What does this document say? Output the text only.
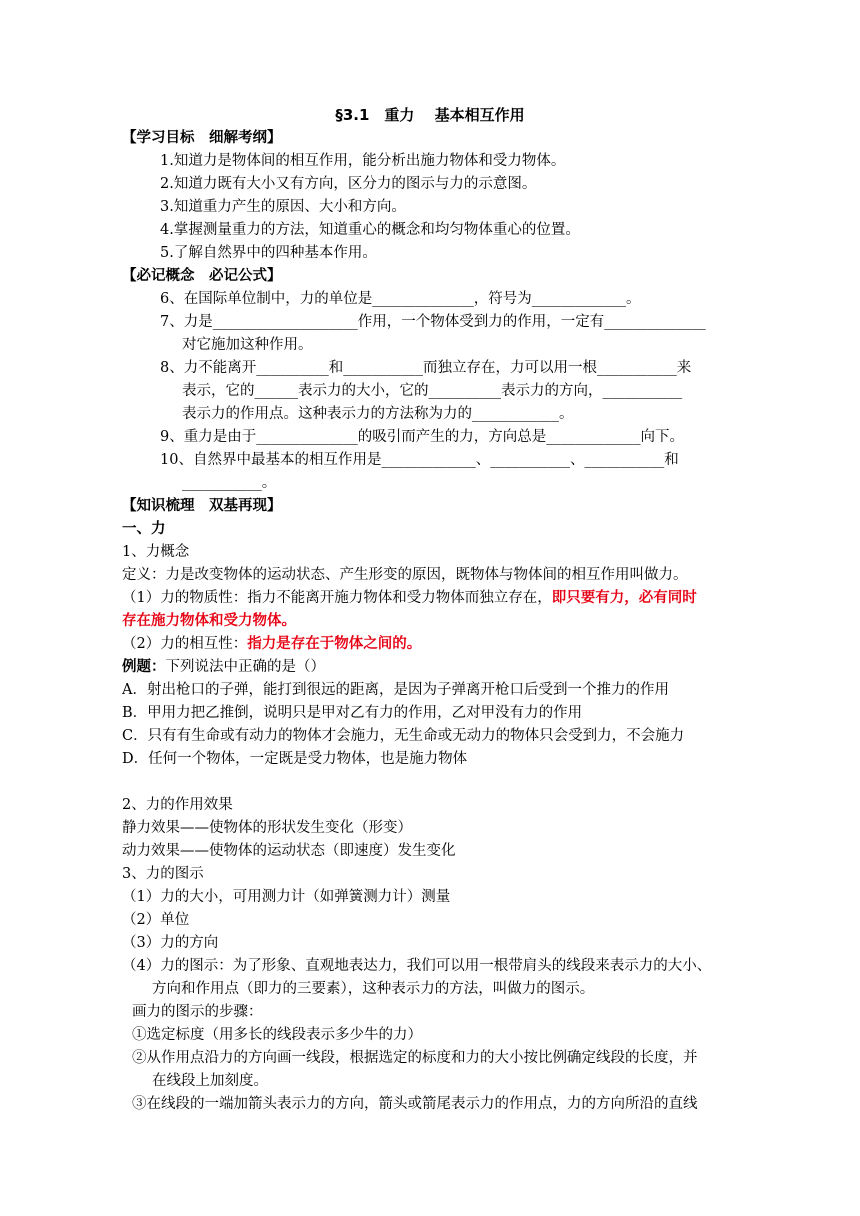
§3.1　重力　 基本相互作用
【学习目标　细解考纲】
1.知道力是物体间的相互作用，能分析出施力物体和受力物体。
2.知道力既有大小又有方向，区分力的图示与力的示意图。
3.知道重力产生的原因、大小和方向。
4.掌握测量重力的方法，知道重心的概念和均匀物体重心的位置。
5.了解自然界中的四种基本作用。
【必记概念　必记公式】
6、在国际单位制中，力的单位是______________，符号为_____________。
7、力是____________________作用，一个物体受到力的作用，一定有______________
对它施加这种作用。
8、力不能离开__________和___________而独立存在，力可以用一根___________来
表示，它的______表示力的大小，它的__________表示力的方向，___________
表示力的作用点。这种表示力的方法称为力的____________。
9、重力是由于______________的吸引而产生的力，方向总是_____________向下。
10、自然界中最基本的相互作用是_____________、___________、___________和
___________。
【知识梳理　双基再现】
一、力
1、力概念
定义：力是改变物体的运动状态、产生形变的原因，既物体与物体间的相互作用叫做力。
（1）力的物质性：指力不能离开施力物体和受力物体而独立存在，即只要有力，必有同时
存在施力物体和受力物体。
（2）力的相互性：指力是存在于物体之间的。
例题：下列说法中正确的是（）
A．射出枪口的子弹，能打到很远的距离，是因为子弹离开枪口后受到一个推力的作用
B．甲用力把乙推倒，说明只是甲对乙有力的作用，乙对甲没有力的作用
C．只有有生命或有动力的物体才会施力，无生命或无动力的物体只会受到力，不会施力
D．任何一个物体，一定既是受力物体，也是施力物体
2、力的作用效果
静力效果——使物体的形状发生变化（形变）
动力效果——使物体的运动状态（即速度）发生变化
3、力的图示
（1）力的大小，可用测力计（如弹簧测力计）测量
（2）单位
（3）力的方向
（4）力的图示：为了形象、直观地表达力，我们可以用一根带肩头的线段来表示力的大小、
方向和作用点（即力的三要素），这种表示力的方法，叫做力的图示。
画力的图示的步骤：
①选定标度（用多长的线段表示多少牛的力）
②从作用点沿力的方向画一线段，根据选定的标度和力的大小按比例确定线段的长度，并
在线段上加刻度。
③在线段的一端加箭头表示力的方向，箭头或箭尾表示力的作用点，力的方向所沿的直线
